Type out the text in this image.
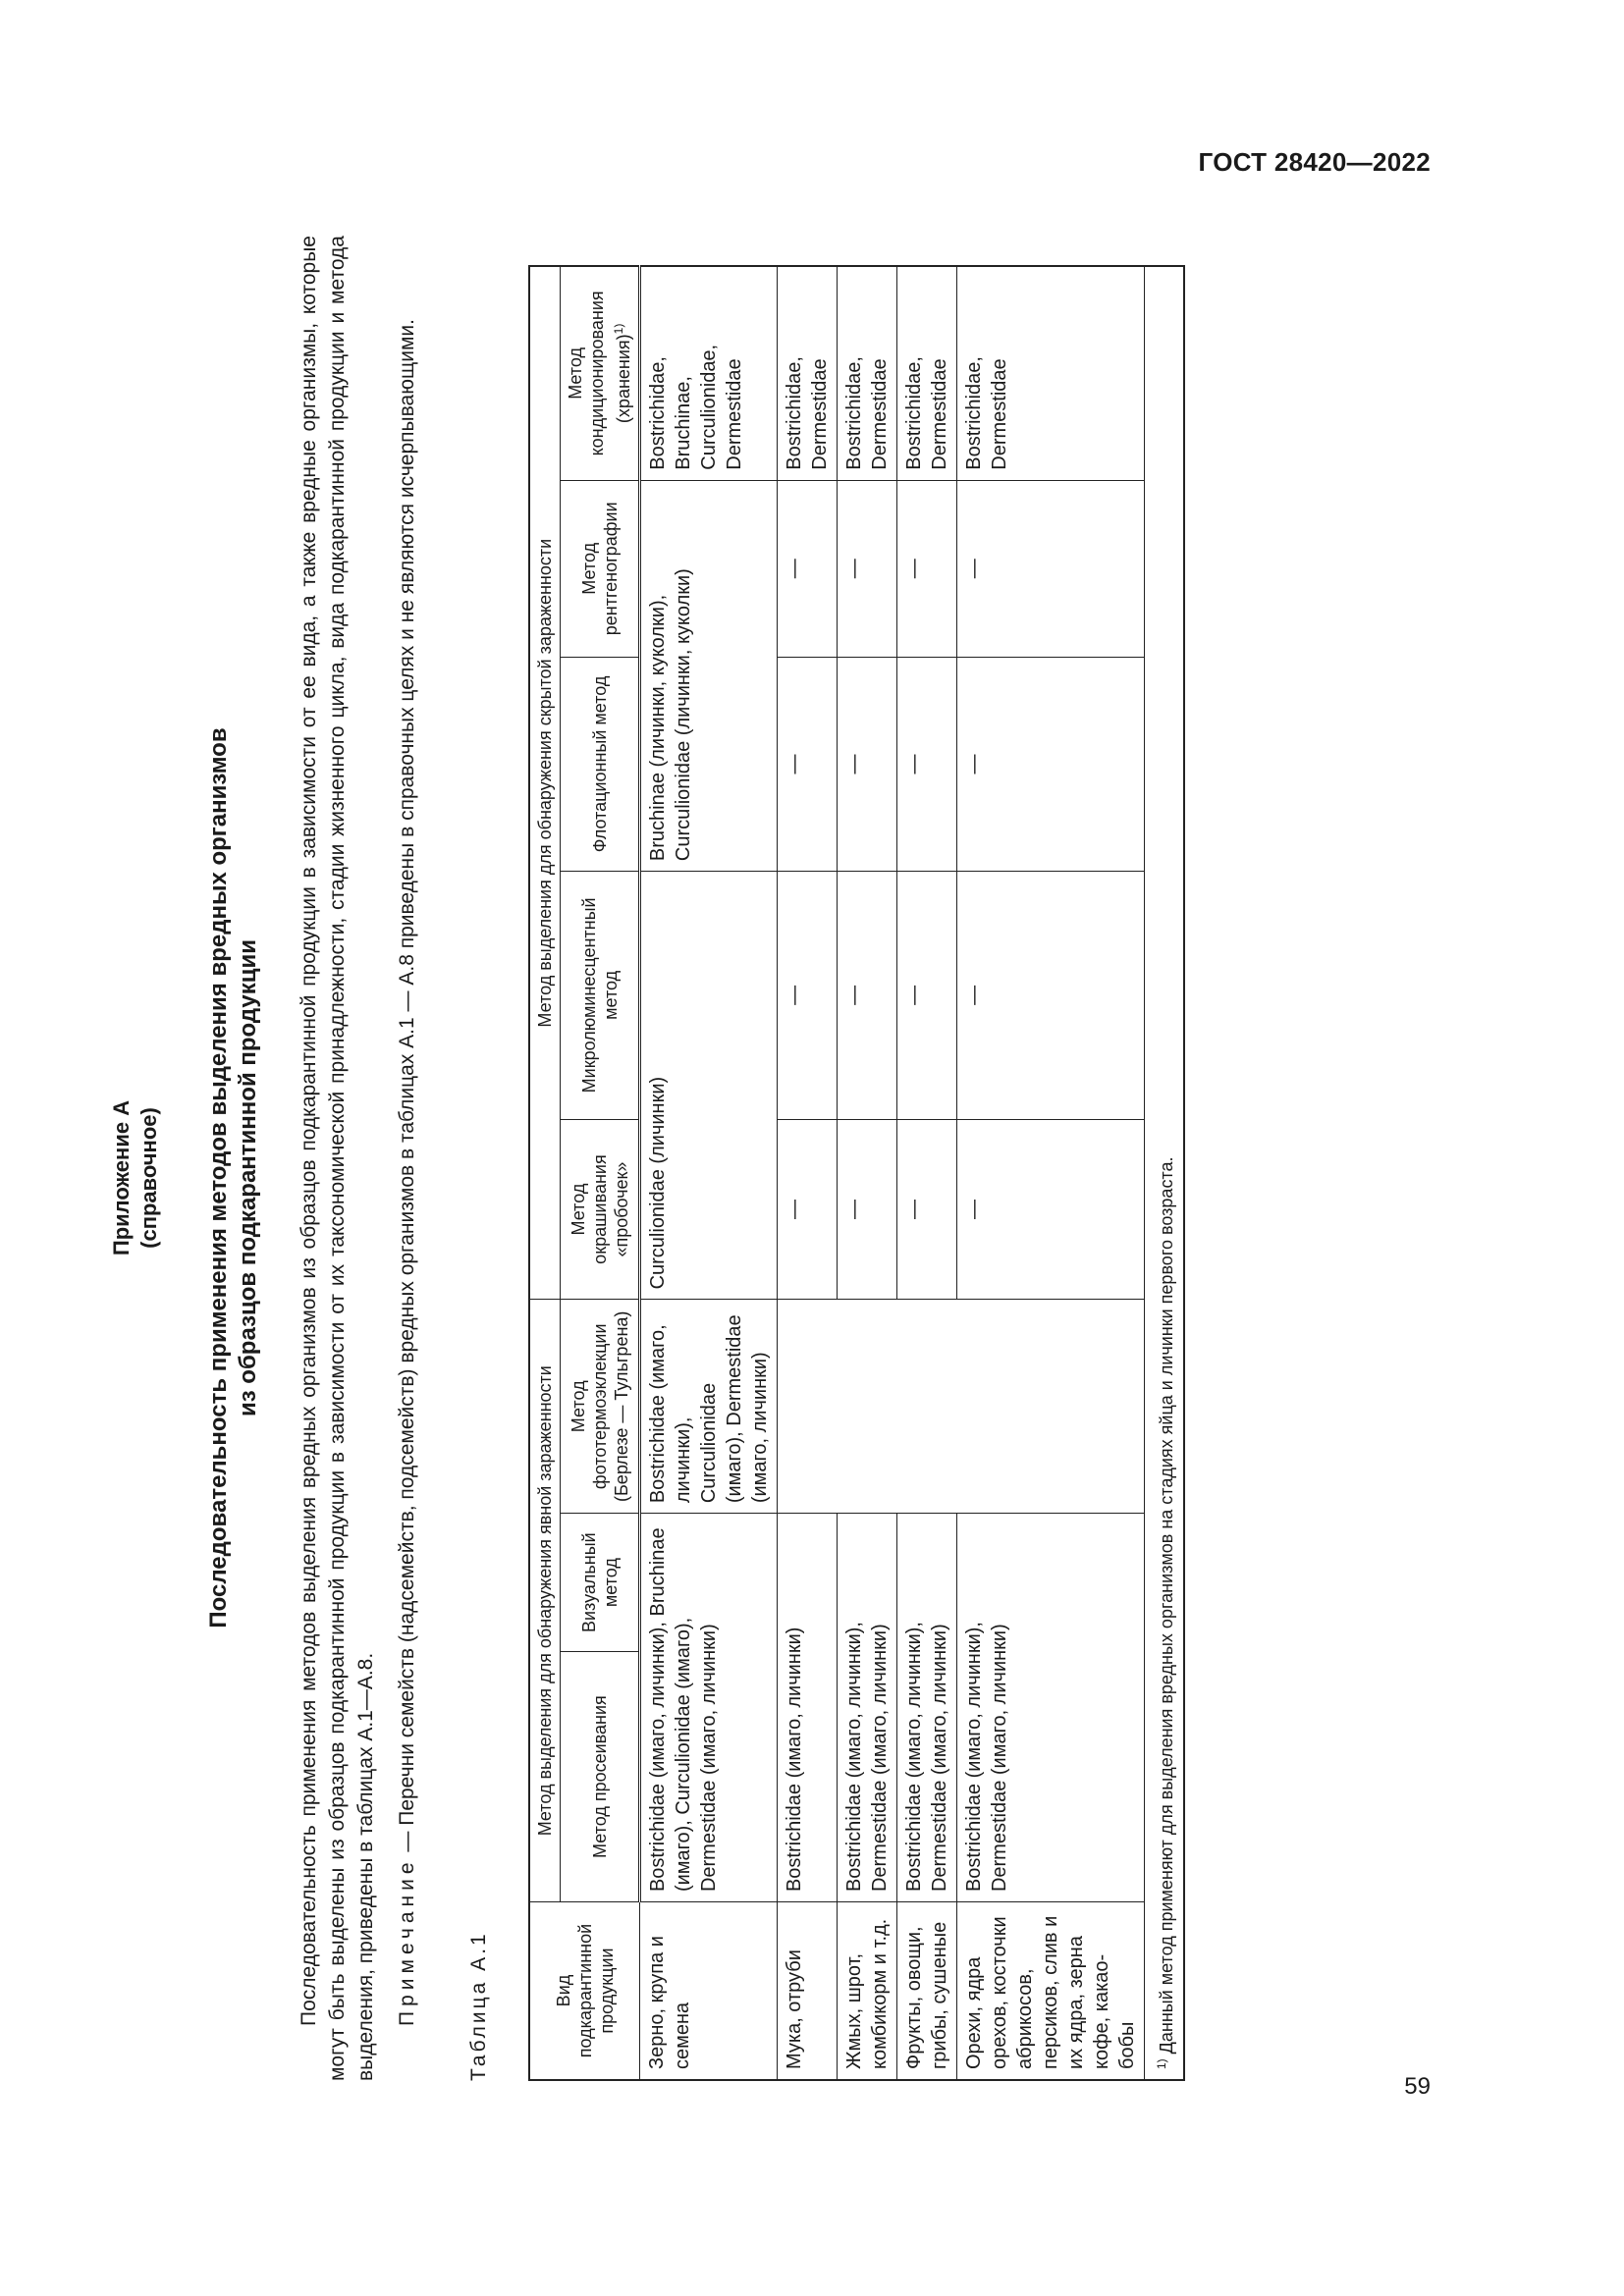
ГОСТ 28420—2022
Приложение А (справочное) Последовательность применения методов выделения вредных организмов из образцов подкарантинной продукции Последовательность применения методов выделения вредных организмов из образцов подкарантинной продукции в зависимости от ее вида, а также вредные организмы, которые могут быть выделены из образцов подкарантинной продукции в зависимости от их таксономической принадлежности, стадии жизненного цикла, вида подкарантинной продукции и метода выделения, приведены в таблицах А.1—А.8. Примечание — Перечни семейств (надсемейств, подсемейств) вредных организмов в таблицах А.1 — А.8 приведены в справочных целях и не являются исчерпывающими.
Таблица А.1
Вид подкарантинной продукции	Метод выделения для обнаружения явной зараженности			Метод выделения для обнаружения скрытой зараженности				
	Метод просеивания	Визуальный метод	Метод фототермоэклекции (Берлезе — Тульгрена)	Метод окрашивания «пробочек»	Микролюминесцентный метод	Флотационный метод	Метод рентгенографии	Метод кондиционирования (хранения)$^{1)}$
Зерно, крупа и семена	Bostrichidae (имаго, личинки), Bruchinae (имаго), Curculionidae (имаго), Dermestidae (имаго, личинки)		Bostrichidae (имаго, личинки), Curculionidae (имаго), Dermestidae (имаго, личинки)	Curculionidae (личинки)		Bruchinae (личинки, куколки), Curculionidae (личинки, куколки)		Bostrichidae, Bruchinae, Curculionidae, Dermestidae
Мука, отруби	Bostrichidae (имаго, личинки)			—	—	—	—	Bostrichidae, Dermestidae
Жмых, шрот, комбикорм и т.д.	Bostrichidae (имаго, личинки), Dermestidae (имаго, личинки)			—	—	—	—	Bostrichidae, Dermestidae
Фрукты, овощи, грибы, сушеные	Bostrichidae (имаго, личинки), Dermestidae (имаго, личинки)			—	—	—	—	Bostrichidae, Dermestidae
Орехи, ядра орехов, косточки абрикосов, персиков, слив и их ядра, зерна кофе, какао-бобы	Bostrichidae (имаго, личинки), Dermestidae (имаго, личинки)			—	—	—	—	Bostrichidae, Dermestidae
$^{1)}$ Данный метод применяют для выделения вредных организмов на стадиях яйца и личинки первого возраста.								
59
